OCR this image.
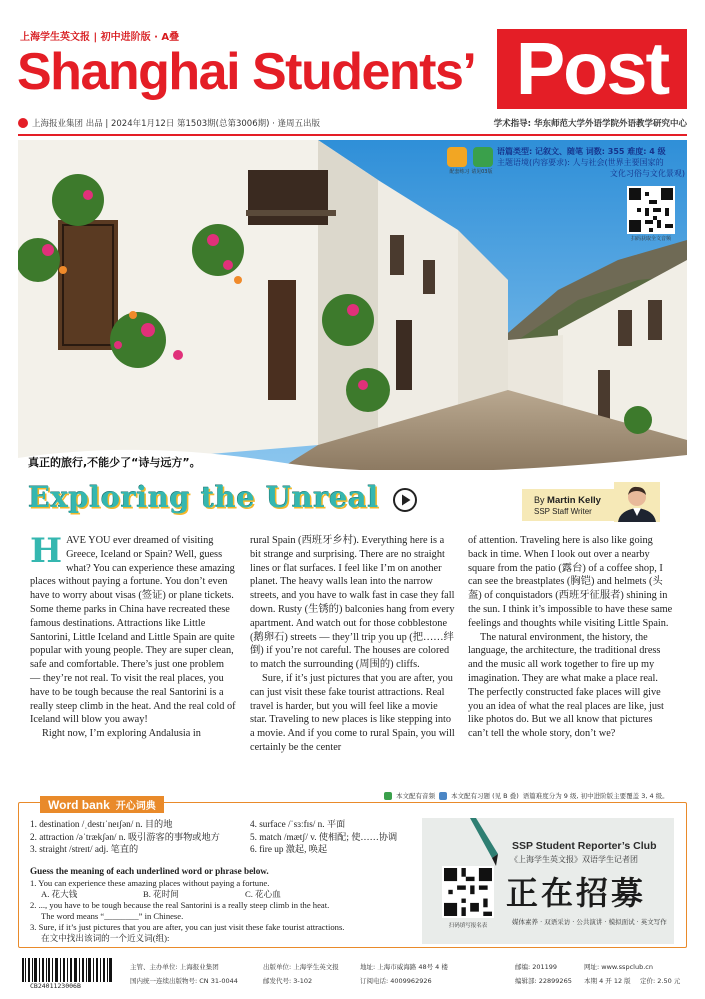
上海学生英文报 | 初中进阶版 · A叠
Shanghai Students’ Post
上海报业集团 出品 | 2024年1月12日 第1503期(总第3006期) · 逢周五出版	学术指导: 华东师范大学外语学院外语教学研究中心
配套练习 请见03版
语篇类型: 记叙文、随笔 词数: 355 难度: 4 级
主题语境(内容要求): 人与社会(世界主要国家的
文化习俗与文化景观)
扫码获取全文音频
真正的旅行,不能少了“诗与远方”。
Exploring the Unreal	By Martin Kelly
SSP Staff Writer

HAVE YOU ever dreamed of visiting Greece, Iceland or Spain? Well, guess what? You can experience these amazing places without paying a fortune. You don’t even have to worry about visas (签证) or plane tickets. Some theme parks in China have recreated these famous destinations. Attractions like Little Santorini, Little Iceland and Little Spain are quite popular with young people. They are super clean, safe and comfortable. There’s just one problem — they’re not real. To visit the real places, you have to be tough because the real Santorini is a really steep climb in the heat. And the real cold of Iceland will blow you away!

Right now, I’m exploring Andalusia in

rural Spain (西班牙乡村). Everything here is a bit strange and surprising. There are no straight lines or flat surfaces. I feel like I’m on another planet. The heavy walls lean into the narrow streets, and you have to walk fast in case they fall down. Rusty (生锈的) balconies hang from every apartment. And watch out for those cobblestone (鹅卵石) streets — they’ll trip you up (把……绊倒) if you’re not careful. The houses are colored to match the surrounding (周围的) cliffs.

Sure, if it’s just pictures that you are after, you can just visit these fake tourist attractions. Real travel is harder, but you will feel like a movie star. Traveling to new places is like stepping into a movie. And if you come to rural Spain, you will certainly be the center

of attention. Traveling here is also like going back in time. When I look out over a nearby square from the patio (露台) of a coffee shop, I can see the breastplates (胸铠) and helmets (头盔) of conquistadors (西班牙征服者) shining in the sun. I think it’s impossible to have these same feelings and thoughts while visiting Little Spain.

The natural environment, the history, the language, the architecture, the traditional dress and the music all work together to fire up my imagination. They are what make a place real. The perfectly constructed fake places will give you an idea of what the real places are like, just like photos do. But we all know that pictures can’t tell the whole story, don’t we?

本文配有音频 本文配有习题 (见 B 叠) 语篇难度分为 9 级, 初中进阶版主要覆盖 3, 4 级。
Word bank 开心词典
1. destination /ˌdestɪˈneɪʃən/ n. 目的地
2. attraction /əˈtrækʃən/ n. 吸引游客的事物或地方
3. straight /streɪt/ adj. 笔直的
4. surface /ˈsɜːfɪs/ n. 平面
5. match /mætʃ/ v. 使相配; 使……协调
6. fire up 激起, 唤起
Guess the meaning of each underlined word or phrase below.
1. You can experience these amazing places without paying a fortune.
A. 花大钱	B. 花时间	C. 花心血
2. ..., you have to be tough because the real Santorini is a really steep climb in the heat.
The word means “________” in Chinese.
3. Sure, if it’s just pictures that you are after, you can just visit these fake tourist attractions.
在文中找出该词的一个近义词(组):
SSP Student Reporter’s Club
《上海学生英文报》双语学生记者团
正在招募
媒体素养 · 双语采访 · 公共演讲 · 模拟面试 · 英文写作
扫码填写报名表
CB2401123006B
主管、主办单位: 上海报业集团
国内统一连续出版物号: CN 31-0044
出版单位: 上海学生英文报
邮发代号: 3-102
地址: 上海市威海路 48号 4 楼
订阅电话: 4009962926
邮编: 201199
编辑部: 22899265
网址: www.sspclub.cn
本期 4 开 12 版 定价: 2.50 元
